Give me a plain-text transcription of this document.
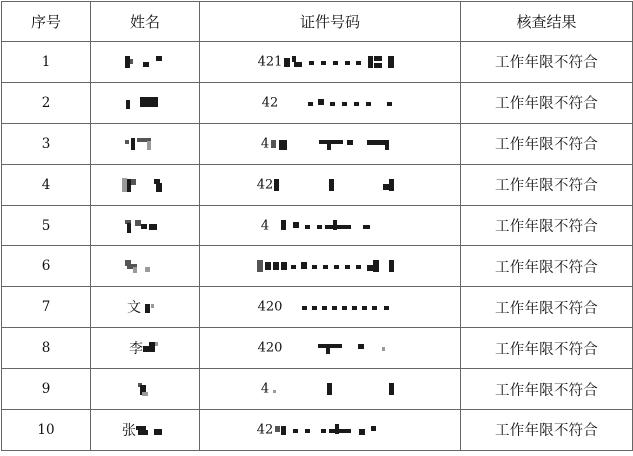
序号	姓名	证件号码	核查结果
1		421	工作年限不符合
2		42	工作年限不符合
3		4	工作年限不符合
4		42	工作年限不符合
5		4	工作年限不符合
6			工作年限不符合
7	文	420	工作年限不符合
8	李	420	工作年限不符合
9		4	工作年限不符合
10	张	42	工作年限不符合
